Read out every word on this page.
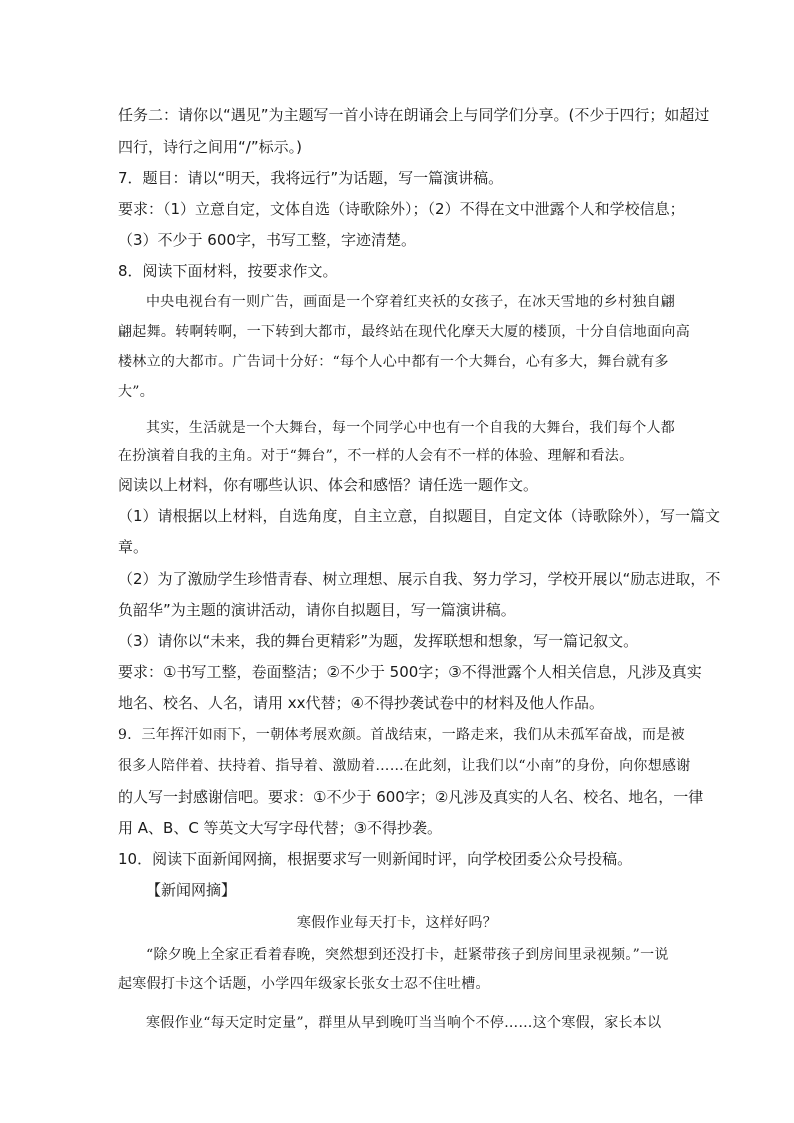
任务二：请你以“遇见”为主题写一首小诗在朗诵会上与同学们分享。(不少于四行；如超过
四行，诗行之间用“/”标示。)
7．题目：请以“明天，我将远行”为话题，写一篇演讲稿。
要求：（1）立意自定，文体自选（诗歌除外）；（2）不得在文中泄露个人和学校信息；
（3）不少于 600字，书写工整，字迹清楚。
8．阅读下面材料，按要求作文。
中央电视台有一则广告，画面是一个穿着红夹袄的女孩子，在冰天雪地的乡村独自翩
翩起舞。转啊转啊，一下转到大都市，最终站在现代化摩天大厦的楼顶，十分自信地面向高
楼林立的大都市。广告词十分好：“每个人心中都有一个大舞台，心有多大，舞台就有多
大”。
其实，生活就是一个大舞台，每一个同学心中也有一个自我的大舞台，我们每个人都
在扮演着自我的主角。对于“舞台”，不一样的人会有不一样的体验、理解和看法。
阅读以上材料，你有哪些认识、体会和感悟？请任选一题作文。
（1）请根据以上材料，自选角度，自主立意，自拟题目，自定文体（诗歌除外），写一篇文
章。
（2）为了激励学生珍惜青春、树立理想、展示自我、努力学习，学校开展以“励志进取，不
负韶华”为主题的演讲活动，请你自拟题目，写一篇演讲稿。
（3）请你以“未来，我的舞台更精彩”为题，发挥联想和想象，写一篇记叙文。
要求：①书写工整，卷面整洁；②不少于 500字；③不得泄露个人相关信息，凡涉及真实
地名、校名、人名，请用 xx代替；④不得抄袭试卷中的材料及他人作品。
9．三年挥汗如雨下，一朝体考展欢颜。首战结束，一路走来，我们从未孤军奋战，而是被
很多人陪伴着、扶持着、指导着、激励着……在此刻，让我们以“小南”的身份，向你想感谢
的人写一封感谢信吧。要求：①不少于 600字；②凡涉及真实的人名、校名、地名，一律
用 A、B、C 等英文大写字母代替；③不得抄袭。
10．阅读下面新闻网摘，根据要求写一则新闻时评，向学校团委公众号投稿。
【新闻网摘】
寒假作业每天打卡，这样好吗？
“除夕晚上全家正看着春晚，突然想到还没打卡，赶紧带孩子到房间里录视频。”一说
起寒假打卡这个话题，小学四年级家长张女士忍不住吐槽。
寒假作业“每天定时定量”，群里从早到晚叮当当响个不停……这个寒假，家长本以
